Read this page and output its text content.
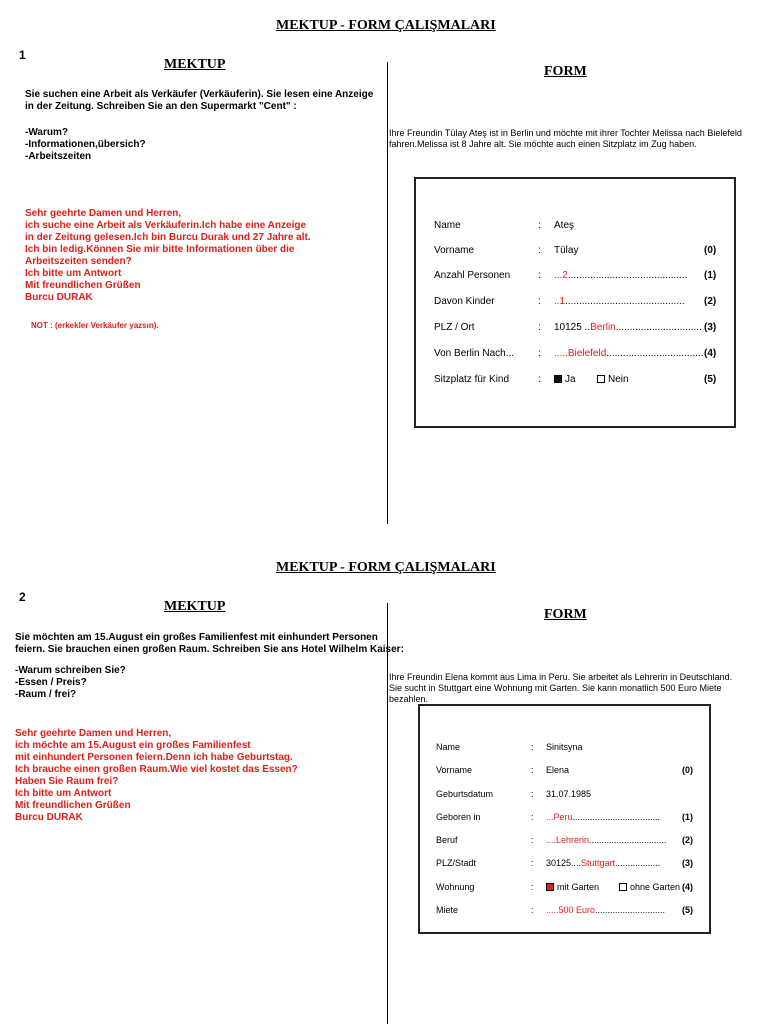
MEKTUP - FORM ÇALIŞMALARI
1
MEKTUP	FORM
Sie suchen eine Arbeit als Verkäufer (Verkäuferin). Sie lesen eine Anzeige
in der Zeitung. Schreiben Sie an den Supermarkt "Cent" :
-Warum?
-Informationen,übersich?
-Arbeitszeiten
Sehr geehrte Damen und Herren,
ich suche eine Arbeit als Verkäuferin.Ich habe eine Anzeige
in der Zeitung gelesen.Ich bin Burcu Durak und 27 Jahre alt.
Ich bin ledig.Können Sie mir bitte Informationen über die
Arbeitszeiten senden?
Ich bitte um Antwort
Mit freundlichen Grüßen
Burcu DURAK
NOT : (erkekler Verkäufer yazsın).
Ihre Freundin Tülay Ateş ist in Berlin und möchte mit ihrer Tochter Melissa nach Bielefeld
fahren.Melissa ist 8 Jahre alt. Sie möchte auch einen Sitzplatz im Zug haben.
Name	: Ateş
Vorname	: Tülay	(0)
Anzahl Personen	: ...2........................................... (1)
Davon Kinder	: ..1........................................... (2)
PLZ / Ort	: 10125 ..Berlin............................... (3)
Von Berlin Nach... : .....Bielefeld................................... (4)
Sitzplatz für Kind	:	Ja	Nein	(5)
MEKTUP - FORM ÇALIŞMALARI
2
MEKTUP
FORM
Sie möchten am 15.August ein großes Familienfest mit einhundert Personen
feiern. Sie brauchen einen großen Raum. Schreiben Sie ans Hotel Wilhelm Kaiser:
-Warum schreiben Sie?
-Essen / Preis?
-Raum / frei?
Sehr geehrte Damen und Herren,
ich möchte am 15.August ein großes Familienfest
mit einhundert Personen feiern.Denn ich habe Geburtstag.
Ich brauche einen großen Raum.Wie viel kostet das Essen?
Haben Sie Raum frei?
Ich bitte um Antwort
Mit freundlichen Grüßen
Burcu DURAK
Ihre Freundin Elena kommt aus Lima in Peru. Sie arbeitet als Lehrerin in Deutschland.
Sie sucht in Stuttgart eine Wohnung mit Garten. Sie kann monatlich 500 Euro Miete
bezahlen.
Name	: Sinitsyna
Vorname	: Elena	(0)
Geburtsdatum	: 31.07.1985
Geboren in	: ...Peru................................... (1)
Beruf	: ....Lehrerin............................... (2)
PLZ/Stadt	: 30125....Stuttgart.................. (3)
Wohnung	:	mit Garten	ohne Garten (4)
Miete	: .....500 Euro............................ (5)
